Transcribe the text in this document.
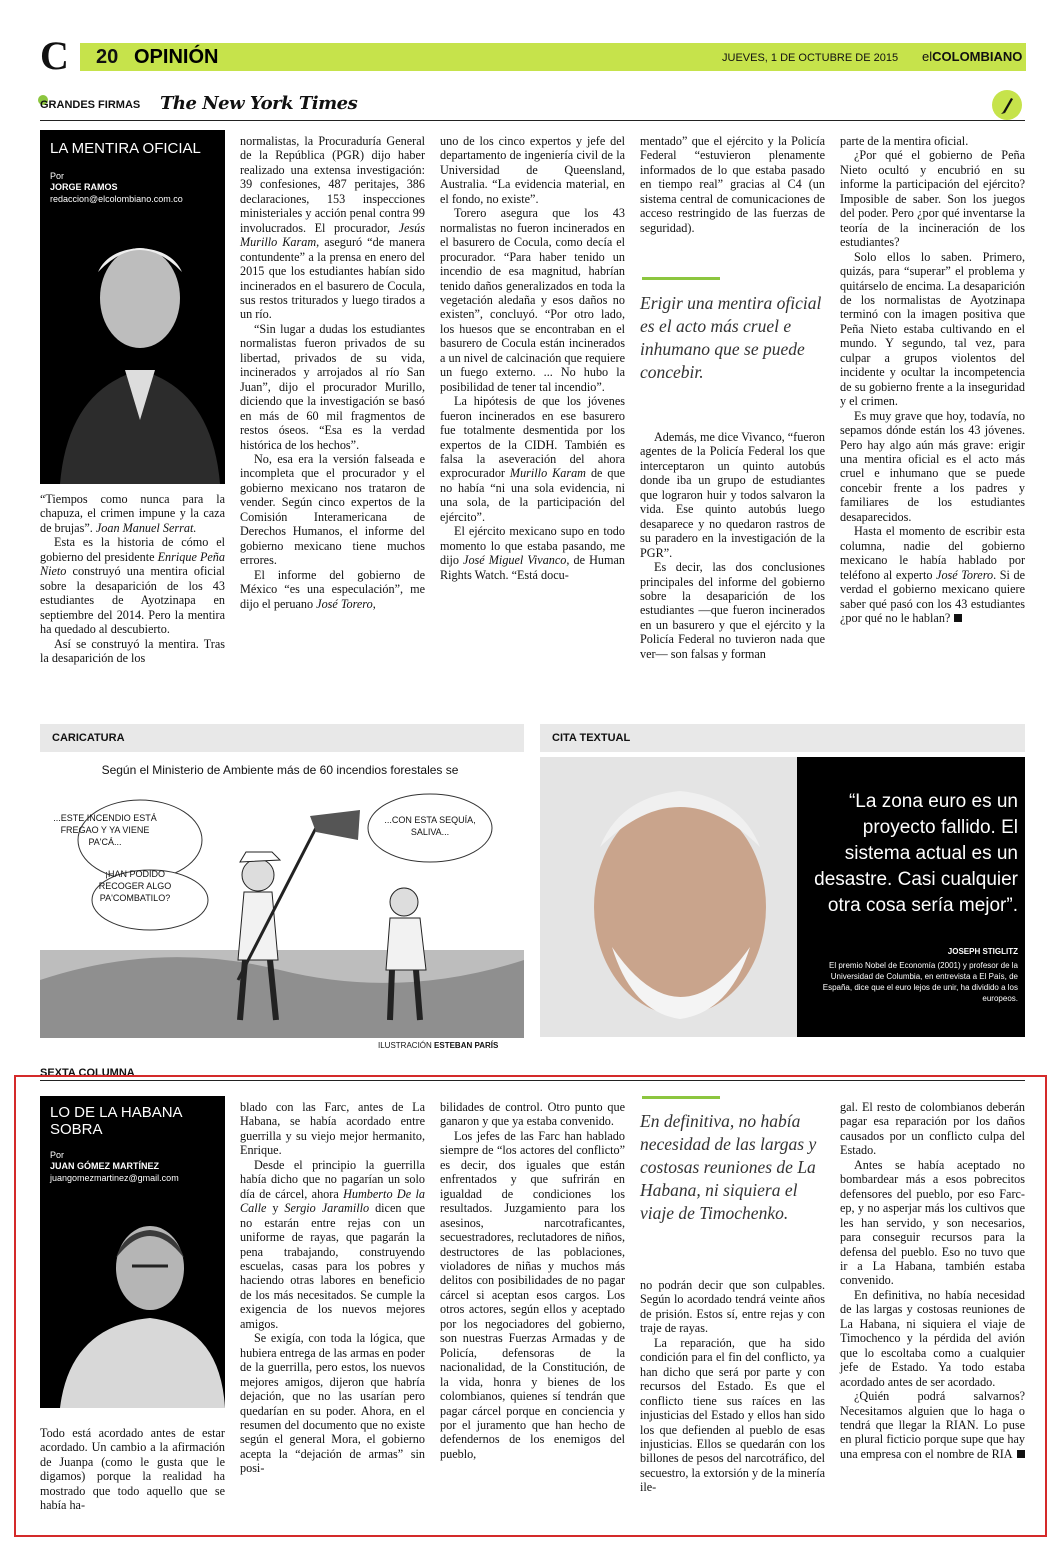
C	20 OPINIÓN	JUEVES, 1 DE OCTUBRE DE 2015 elCOLOMBIANO
GRANDES FIRMAS The New York Times
LA MENTIRA OFICIAL
Por
JORGE RAMOS
redaccion@elcolombiano.com.co

“Tiempos como nunca para la chapuza, el crimen impune y la caza de brujas”. Joan Manuel Serrat.

Esta es la historia de cómo el gobierno del presidente Enrique Peña Nieto construyó una mentira oficial sobre la desaparición de los 43 estudiantes de Ayotzinapa en septiembre del 2014. Pero la mentira ha quedado al descubierto.

Así se construyó la mentira. Tras la desaparición de los

normalistas, la Procuraduría General de la República (PGR) dijo haber realizado una extensa investigación: 39 confesiones, 487 peritajes, 386 declaraciones, 153 inspecciones ministeriales y acción penal contra 99 involucrados. El procurador, Jesús Murillo Karam, aseguró “de manera contundente” a la prensa en enero del 2015 que los estudiantes habían sido incinerados en el basurero de Cocula, sus restos triturados y luego tirados a un río.

“Sin lugar a dudas los estudiantes normalistas fueron privados de su libertad, privados de su vida, incinerados y arrojados al río San Juan”, dijo el procurador Murillo, diciendo que la investigación se basó en más de 60 mil fragmentos de restos óseos. “Esa es la verdad histórica de los hechos”.

No, esa era la versión falseada e incompleta que el procurador y el gobierno mexicano nos trataron de vender. Según cinco expertos de la Comisión Interamericana de Derechos Humanos, el informe del gobierno mexicano tiene muchos errores.

El informe del gobierno de México “es una especulación”, me dijo el peruano José Torero,

uno de los cinco expertos y jefe del departamento de ingeniería civil de la Universidad de Queensland, Australia. “La evidencia material, en el fondo, no existe”.

Torero asegura que los 43 normalistas no fueron incinerados en el basurero de Cocula, como decía el procurador. “Para haber tenido un incendio de esa magnitud, habrían tenido daños generalizados en toda la vegetación aledaña y esos daños no existen”, concluyó. “Por otro lado, los huesos que se encontraban en el basurero de Cocula están incinerados a un nivel de calcinación que requiere un fuego externo. ... No hubo la posibilidad de tener tal incendio”.

La hipótesis de que los jóvenes fueron incinerados en ese basurero fue totalmente desmentida por los expertos de la CIDH. También es falsa la aseveración del ahora exprocurador Murillo Karam de que no había “ni una sola evidencia, ni una sola, de la participación del ejército”.

El ejército mexicano supo en todo momento lo que estaba pasando, me dijo José Miguel Vivanco, de Human Rights Watch. “Está docu-

mentado” que el ejército y la Policía Federal “estuvieron plenamente informados de lo que estaba pasado en tiempo real” gracias al C4 (un sistema central de comunicaciones de acceso restringido de las fuerzas de seguridad).

Erigir una mentira oficial es el acto más cruel e inhumano que se puede concebir.

Además, me dice Vivanco, “fueron agentes de la Policía Federal los que interceptaron un quinto autobús donde iba un grupo de estudiantes que lograron huir y todos salvaron la vida. Ese quinto autobús luego desaparece y no quedaron rastros de su paradero en la investigación de la PGR”.

Es decir, las dos conclusiones principales del informe del gobierno sobre la desaparición de los estudiantes —que fueron incinerados en un basurero y que el ejército y la Policía Federal no tuvieron nada que ver— son falsas y forman

parte de la mentira oficial.

¿Por qué el gobierno de Peña Nieto ocultó y encubrió en su informe la participación del ejército? Imposible de saber. Son los juegos del poder. Pero ¿por qué inventarse la teoría de la incineración de los estudiantes?

Solo ellos lo saben. Primero, quizás, para “superar” el problema y quitárselo de encima. La desaparición de los normalistas de Ayotzinapa terminó con la imagen positiva que Peña Nieto estaba cultivando en el mundo. Y segundo, tal vez, para culpar a grupos violentos del incidente y ocultar la incompetencia de su gobierno frente a la inseguridad y el crimen.

Es muy grave que hoy, todavía, no sepamos dónde están los 43 jóvenes. Pero hay algo aún más grave: erigir una mentira oficial es el acto más cruel e inhumano que se puede concebir frente a los padres y familiares de los estudiantes desaparecidos.

Hasta el momento de escribir esta columna, nadie del gobierno mexicano le había hablado por teléfono al experto José Torero. Si de verdad el gobierno mexicano quiere saber qué pasó con los 43 estudiantes ¿por qué no le hablan?

CARICATURA
Según el Ministerio de Ambiente más de 60 incendios forestales se
...ESTE INCENDIO ESTÁ FREGAO Y YA VIENE PA'CÁ...
¡HAN PODIDO RECOGER ALGO PA'COMBATILO?
...CON ESTA SEQUÍA, SALIVA...
ILUSTRACIÓN ESTEBAN PARÍS
CITA TEXTUAL
“La zona euro es un proyecto fallido. El sistema actual es un desastre. Casi cualquier otra cosa sería mejor”.
JOSEPH STIGLITZ
El premio Nobel de Economía (2001) y profesor de la Universidad de Columbia, en entrevista a El País, de España, dice que el euro lejos de unir, ha dividido a los europeos.
SEXTA COLUMNA
LO DE LA HABANA SOBRA
Por
JUAN GÓMEZ MARTÍNEZ
juangomezmartinez@gmail.com

Todo está acordado antes de estar acordado. Un cambio a la afirmación de Juanpa (como le gusta que le digamos) porque la realidad ha mostrado que todo aquello que se había ha-

blado con las Farc, antes de La Habana, se había acordado entre guerrilla y su viejo mejor hermanito, Enrique.

Desde el principio la guerrilla había dicho que no pagarían un solo día de cárcel, ahora Humberto De la Calle y Sergio Jaramillo dicen que no estarán entre rejas con un uniforme de rayas, que pagarán la pena trabajando, construyendo escuelas, casas para los pobres y haciendo otras labores en beneficio de los más necesitados. Se cumple la exigencia de los nuevos mejores amigos.

Se exigía, con toda la lógica, que hubiera entrega de las armas en poder de la guerrilla, pero estos, los nuevos mejores amigos, dijeron que habría dejación, que no las usarían pero quedarían en su poder. Ahora, en el resumen del documento que no existe según el general Mora, el gobierno acepta la “dejación de armas” sin posi-

bilidades de control. Otro punto que ganaron y que ya estaba convenido.

Los jefes de las Farc han hablado siempre de “los actores del conflicto” es decir, dos iguales que están enfrentados y que sufrirán en igualdad de condiciones los resultados. Juzgamiento para los asesinos, narcotraficantes, secuestradores, reclutadores de niños, destructores de las poblaciones, violadores de niñas y muchos más delitos con posibilidades de no pagar cárcel si aceptan esos cargos. Los otros actores, según ellos y aceptado por los negociadores del gobierno, son nuestras Fuerzas Armadas y de Policía, defensoras de la nacionalidad, de la Constitución, de la vida, honra y bienes de los colombianos, quienes sí tendrán que pagar cárcel porque en conciencia y por el juramento que han hecho de defendernos de los enemigos del pueblo,

En definitiva, no había necesidad de las largas y costosas reuniones de La Habana, ni siquiera el viaje de Timochenko.

no podrán decir que son culpables. Según lo acordado tendrá veinte años de prisión. Estos sí, entre rejas y con traje de rayas.

La reparación, que ha sido condición para el fin del conflicto, ya han dicho que será por parte y con recursos del Estado. Es que el conflicto tiene sus raíces en las injusticias del Estado y ellos han sido los que defienden al pueblo de esas injusticias. Ellos se quedarán con los billones de pesos del narcotráfico, del secuestro, la extorsión y de la minería ile-

gal. El resto de colombianos deberán pagar esa reparación por los daños causados por un conflicto culpa del Estado.

Antes se había aceptado no bombardear más a esos pobrecitos defensores del pueblo, por eso Farc-ep, y no asperjar más los cultivos que les han servido, y son necesarios, para conseguir recursos para la defensa del pueblo. Eso no tuvo que ir a La Habana, también estaba convenido.

En definitiva, no había necesidad de las largas y costosas reuniones de La Habana, ni siquiera el viaje de Timochenco y la pérdida del avión que lo escoltaba como a cualquier jefe de Estado. Ya todo estaba acordado antes de ser acordado.

¿Quién podrá salvarnos? Necesitamos alguien que lo haga o tendrá que llegar la RIAN. Lo puse en plural ficticio porque supe que hay una empresa con el nombre de RIA
